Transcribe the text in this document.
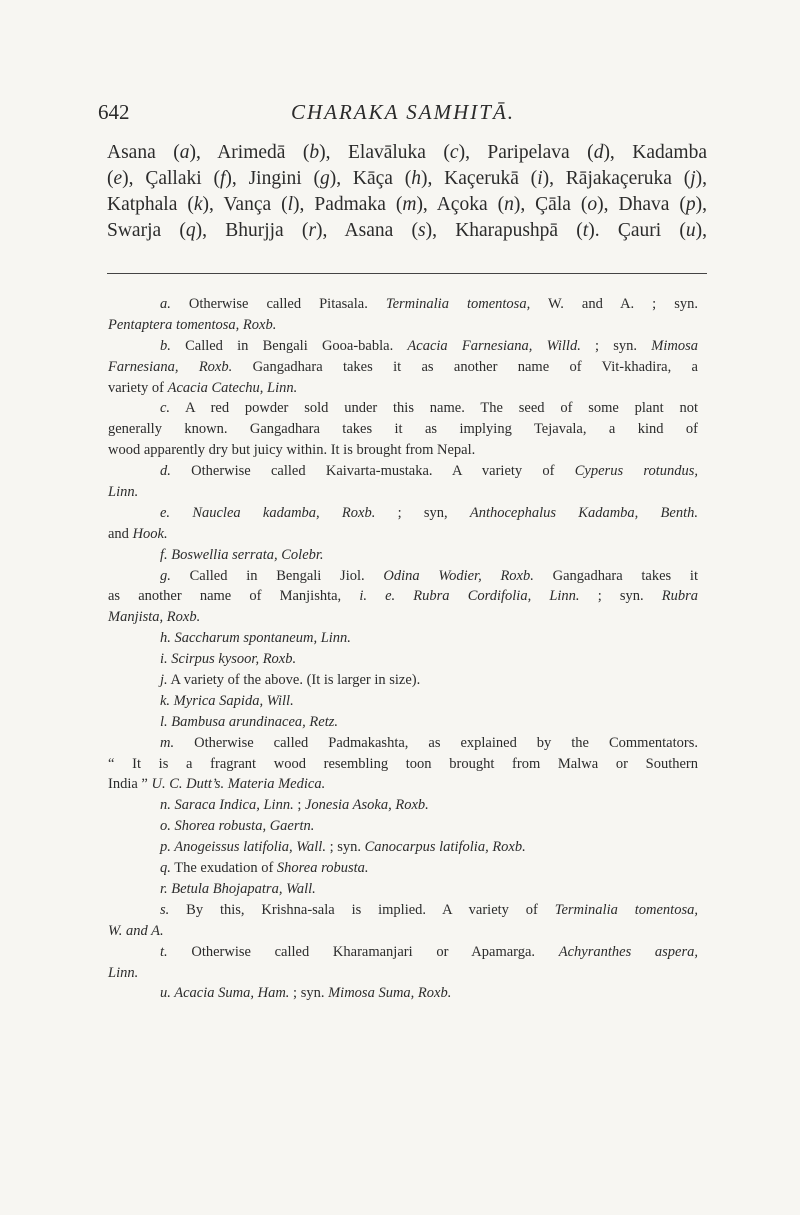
642	CHARAKA SAMHITĀ.
Asana (a), Arimedā (b), Elavāluka (c), Paripelava (d), Kadamba
(e), Çallaki (f), Jingini (g), Kāça (h), Kaçerukā (i), Rājakaçeruka (j),
Katphala (k), Vança (l), Padmaka (m), Açoka (n), Çāla (o), Dhava (p),
Swarja (q), Bhurjja (r), Asana (s), Kharapushpā (t). Çauri (u),
a. Otherwise called Pitasala. Terminalia tomentosa, W. and A. ; syn.
Pentaptera tomentosa, Roxb.
b. Called in Bengali Gooa-babla. Acacia Farnesiana, Willd. ; syn. Mimosa
Farnesiana, Roxb. Gangadhara takes it as another name of Vit-khadira, a
variety of Acacia Catechu, Linn.
c. A red powder sold under this name. The seed of some plant not
generally known. Gangadhara takes it as implying Tejavala, a kind of
wood apparently dry but juicy within. It is brought from Nepal.
d. Otherwise called Kaivarta-mustaka. A variety of Cyperus rotundus,
Linn.
e. Nauclea kadamba, Roxb. ; syn, Anthocephalus Kadamba, Benth.
and Hook.
f. Boswellia serrata, Colebr.
g. Called in Bengali Jiol. Odina Wodier, Roxb. Gangadhara takes it
as another name of Manjishta, i. e. Rubra Cordifolia, Linn. ; syn. Rubra
Manjista, Roxb.
h. Saccharum spontaneum, Linn.
i. Scirpus kysoor, Roxb.
j. A variety of the above. (It is larger in size).
k. Myrica Sapida, Will.
l. Bambusa arundinacea, Retz.
m. Otherwise called Padmakashta, as explained by the Commentators.
“ It is a fragrant wood resembling toon brought from Malwa or Southern
India ” U. C. Dutt’s. Materia Medica.
n. Saraca Indica, Linn. ; Jonesia Asoka, Roxb.
o. Shorea robusta, Gaertn.
p. Anogeissus latifolia, Wall. ; syn. Canocarpus latifolia, Roxb.
q. The exudation of Shorea robusta.
r. Betula Bhojapatra, Wall.
s. By this, Krishna-sala is implied. A variety of Terminalia tomentosa,
W. and A.
t. Otherwise called Kharamanjari or Apamarga. Achyranthes aspera,
Linn.
u. Acacia Suma, Ham. ; syn. Mimosa Suma, Roxb.
